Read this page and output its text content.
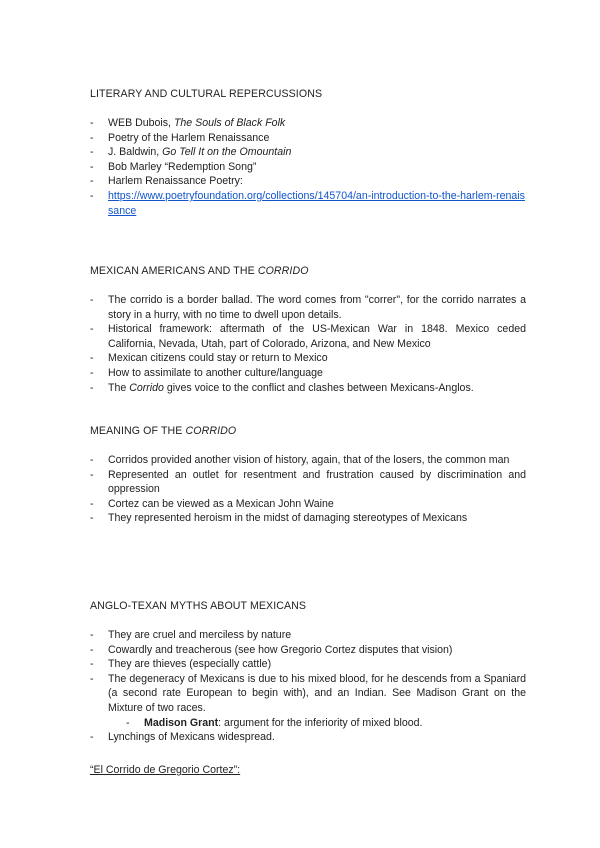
LITERARY AND CULTURAL REPERCUSSIONS
- WEB Dubois, The Souls of Black Folk
- Poetry of the Harlem Renaissance
- J. Baldwin, Go Tell It on the Omountain
- Bob Marley “Redemption Song”
- Harlem Renaissance Poetry:
- https://www.poetryfoundation.org/collections/145704/an-introduction-to-the-harlem-renaissance
MEXICAN AMERICANS AND THE CORRIDO
- The corrido is a border ballad. The word comes from "correr", for the corrido narrates a story in a hurry, with no time to dwell upon details.
- Historical framework: aftermath of the US-Mexican War in 1848. Mexico ceded California, Nevada, Utah, part of Colorado, Arizona, and New Mexico
- Mexican citizens could stay or return to Mexico
- How to assimilate to another culture/language
- The Corrido gives voice to the conflict and clashes between Mexicans-Anglos.
MEANING OF THE CORRIDO
- Corridos provided another vision of history, again, that of the losers, the common man
- Represented an outlet for resentment and frustration caused by discrimination and oppression
- Cortez can be viewed as a Mexican John Waine
- They represented heroism in the midst of damaging stereotypes of Mexicans
ANGLO-TEXAN MYTHS ABOUT MEXICANS
- They are cruel and merciless by nature
- Cowardly and treacherous (see how Gregorio Cortez disputes that vision)
- They are thieves (especially cattle)
- The degeneracy of Mexicans is due to his mixed blood, for he descends from a Spaniard (a second rate European to begin with), and an Indian. See Madison Grant on the Mixture of two races.
- Madison Grant: argument for the inferiority of mixed blood.
- Lynchings of Mexicans widespread.
“El Corrido de Gregorio Cortez”:
